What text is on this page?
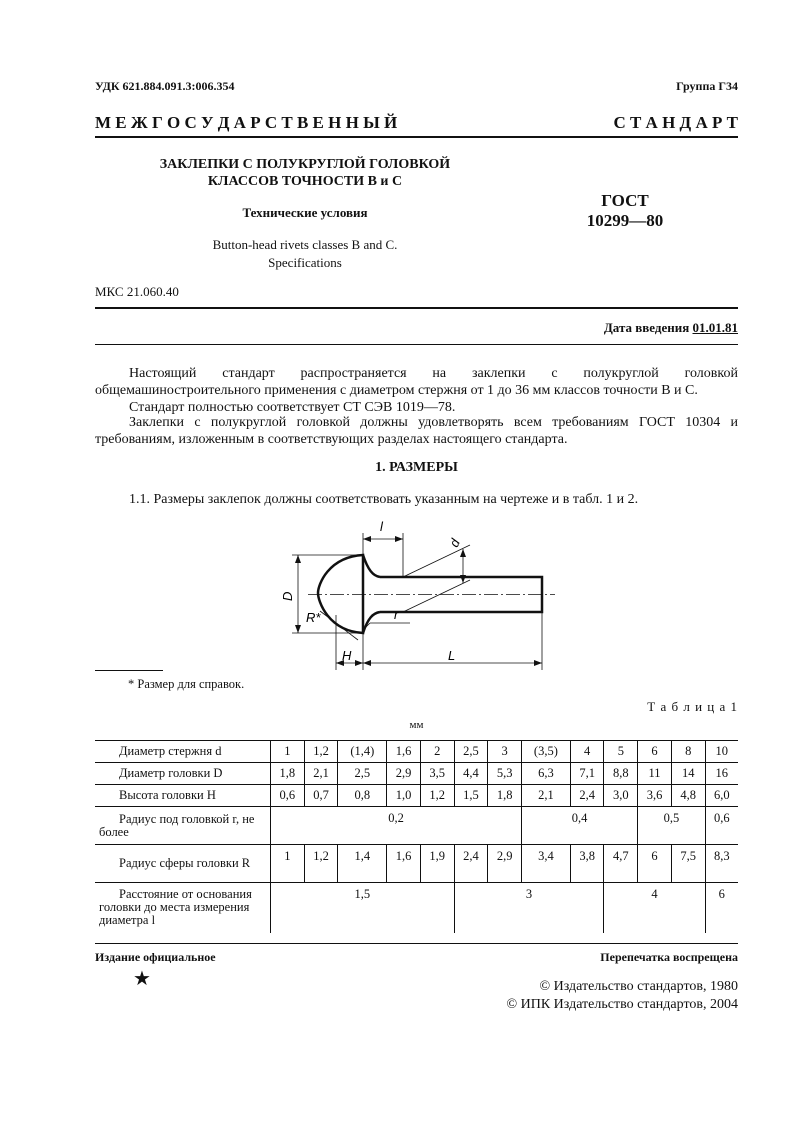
УДК 621.884.091.3:006.354	Группа Г34
М Е Ж Г О С У Д А Р С Т В Е Н Н Ы Й	С Т А Н Д А Р Т
ЗАКЛЕПКИ С ПОЛУКРУГЛОЙ ГОЛОВКОЙ
КЛАССОВ ТОЧНОСТИ В и С
Технические условия
Button-head rivets classes B and C.
Specifications
ГОСТ
10299—80
МКС 21.060.40
Дата введения 01.01.81
Настоящий стандарт распространяется на заклепки с полукруглой головкой общемашиностроительного применения с диаметром стержня от 1 до 36 мм классов точности В и С.
Стандарт полностью соответствует СТ СЭВ 1019—78.
Заклепки с полукруглой головкой должны удовлетворять всем требованиям ГОСТ 10304 и требованиям, изложенным в соответствующих разделах настоящего стандарта.
1. РАЗМЕРЫ
1.1. Размеры заклепок должны соответствовать указанным на чертеже и в табл. 1 и 2.
D
H	L
l
d
R*	r
* Размер для справок.
Т а б л и ц а 1
мм
Диаметр стержня d	1	1,2	(1,4)	1,6	2	2,5	3	(3,5)	4	5	6	8	10
Диаметр головки D	1,8	2,1	2,5	2,9	3,5	4,4	5,3	6,3	7,1	8,8	11	14	16
Высота головки H	0,6	0,7	0,8	1,0	1,2	1,5	1,8	2,1	2,4	3,0	3,6	4,8	6,0
Радиус под головкой r, не более	0,2							0,4			0,5		0,6
Радиус сферы головки R	1	1,2	1,4	1,6	1,9	2,4	2,9	3,4	3,8	4,7	6	7,5	8,3
Расстояние от основания головки до места измерения диаметра l	1,5					3				4			6
Издание официальное	Перепечатка воспрещена
★	© Издательство стандартов, 1980
© ИПК Издательство стандартов, 2004
